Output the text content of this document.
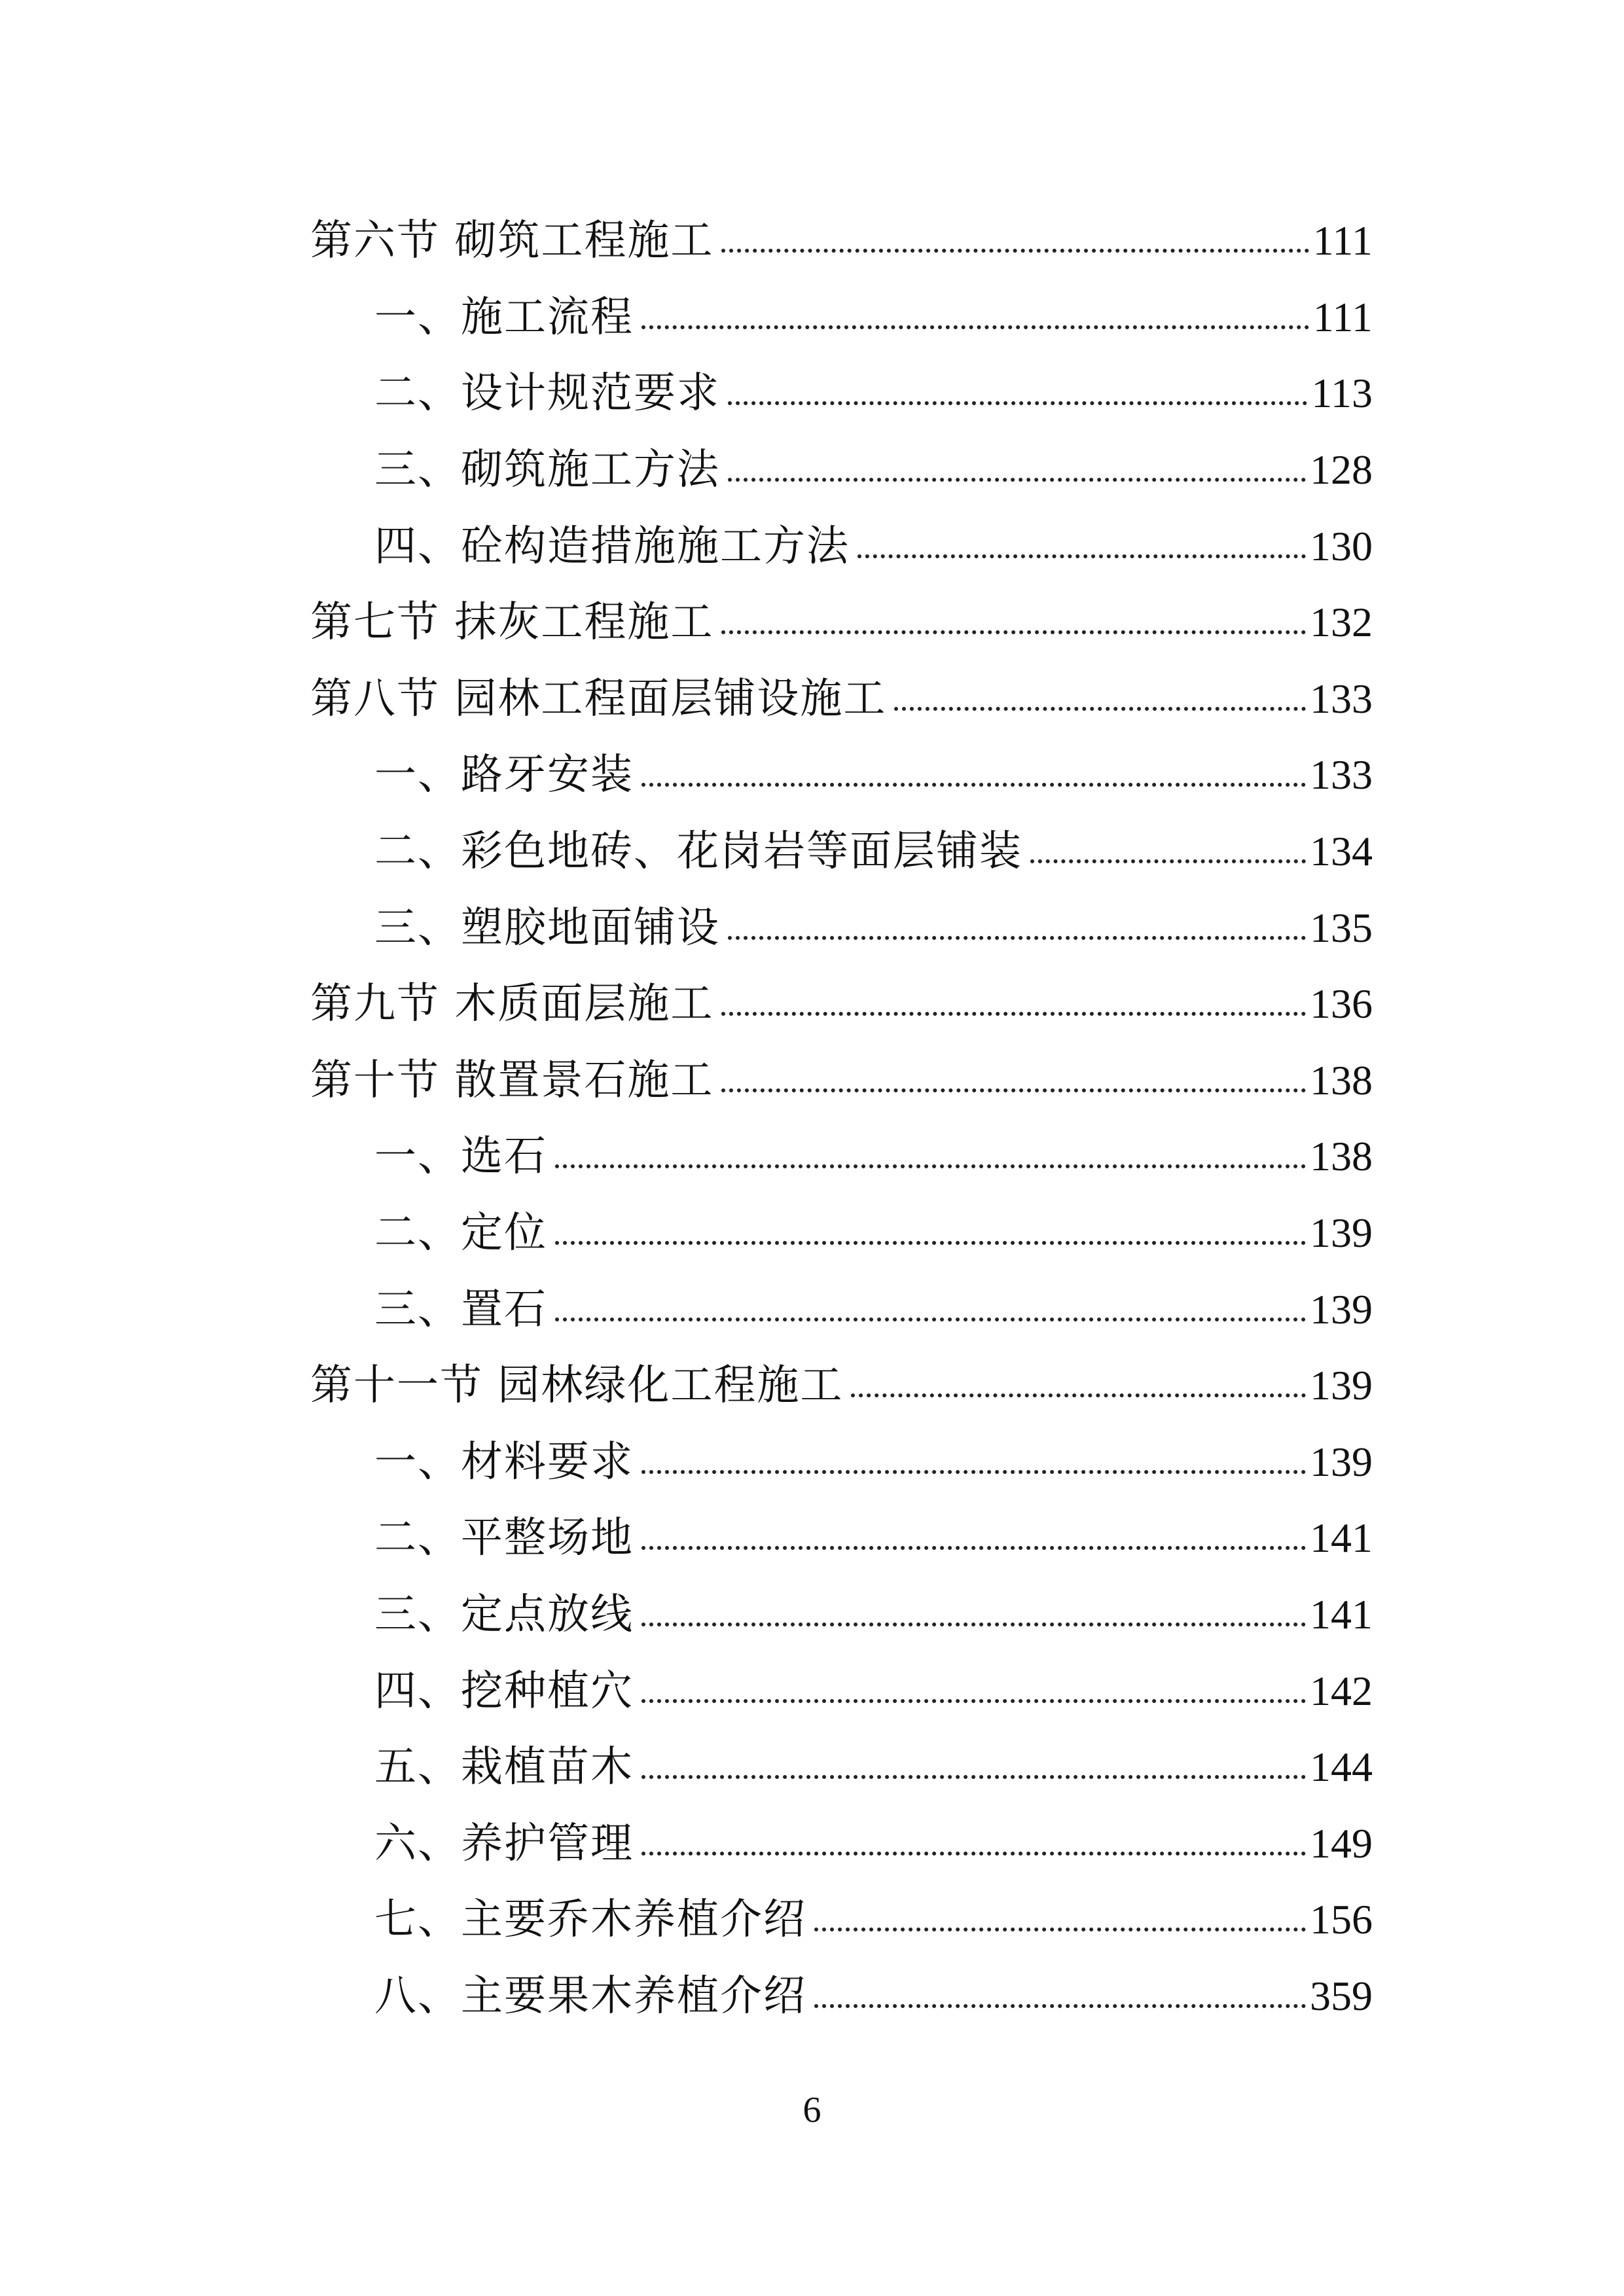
第六节 砌筑工程施工	111
一、施工流程	111
二、设计规范要求	113
三、砌筑施工方法	128
四、砼构造措施施工方法	130
第七节 抹灰工程施工	132
第八节 园林工程面层铺设施工	133
一、路牙安装	133
二、彩色地砖、花岗岩等面层铺装	134
三、塑胶地面铺设	135
第九节 木质面层施工	136
第十节 散置景石施工	138
一、选石	138
二、定位	139
三、置石	139
第十一节 园林绿化工程施工	139
一、材料要求	139
二、平整场地	141
三、定点放线	141
四、挖种植穴	142
五、栽植苗木	144
六、养护管理	149
七、主要乔木养植介绍	156
八、主要果木养植介绍	359
6
